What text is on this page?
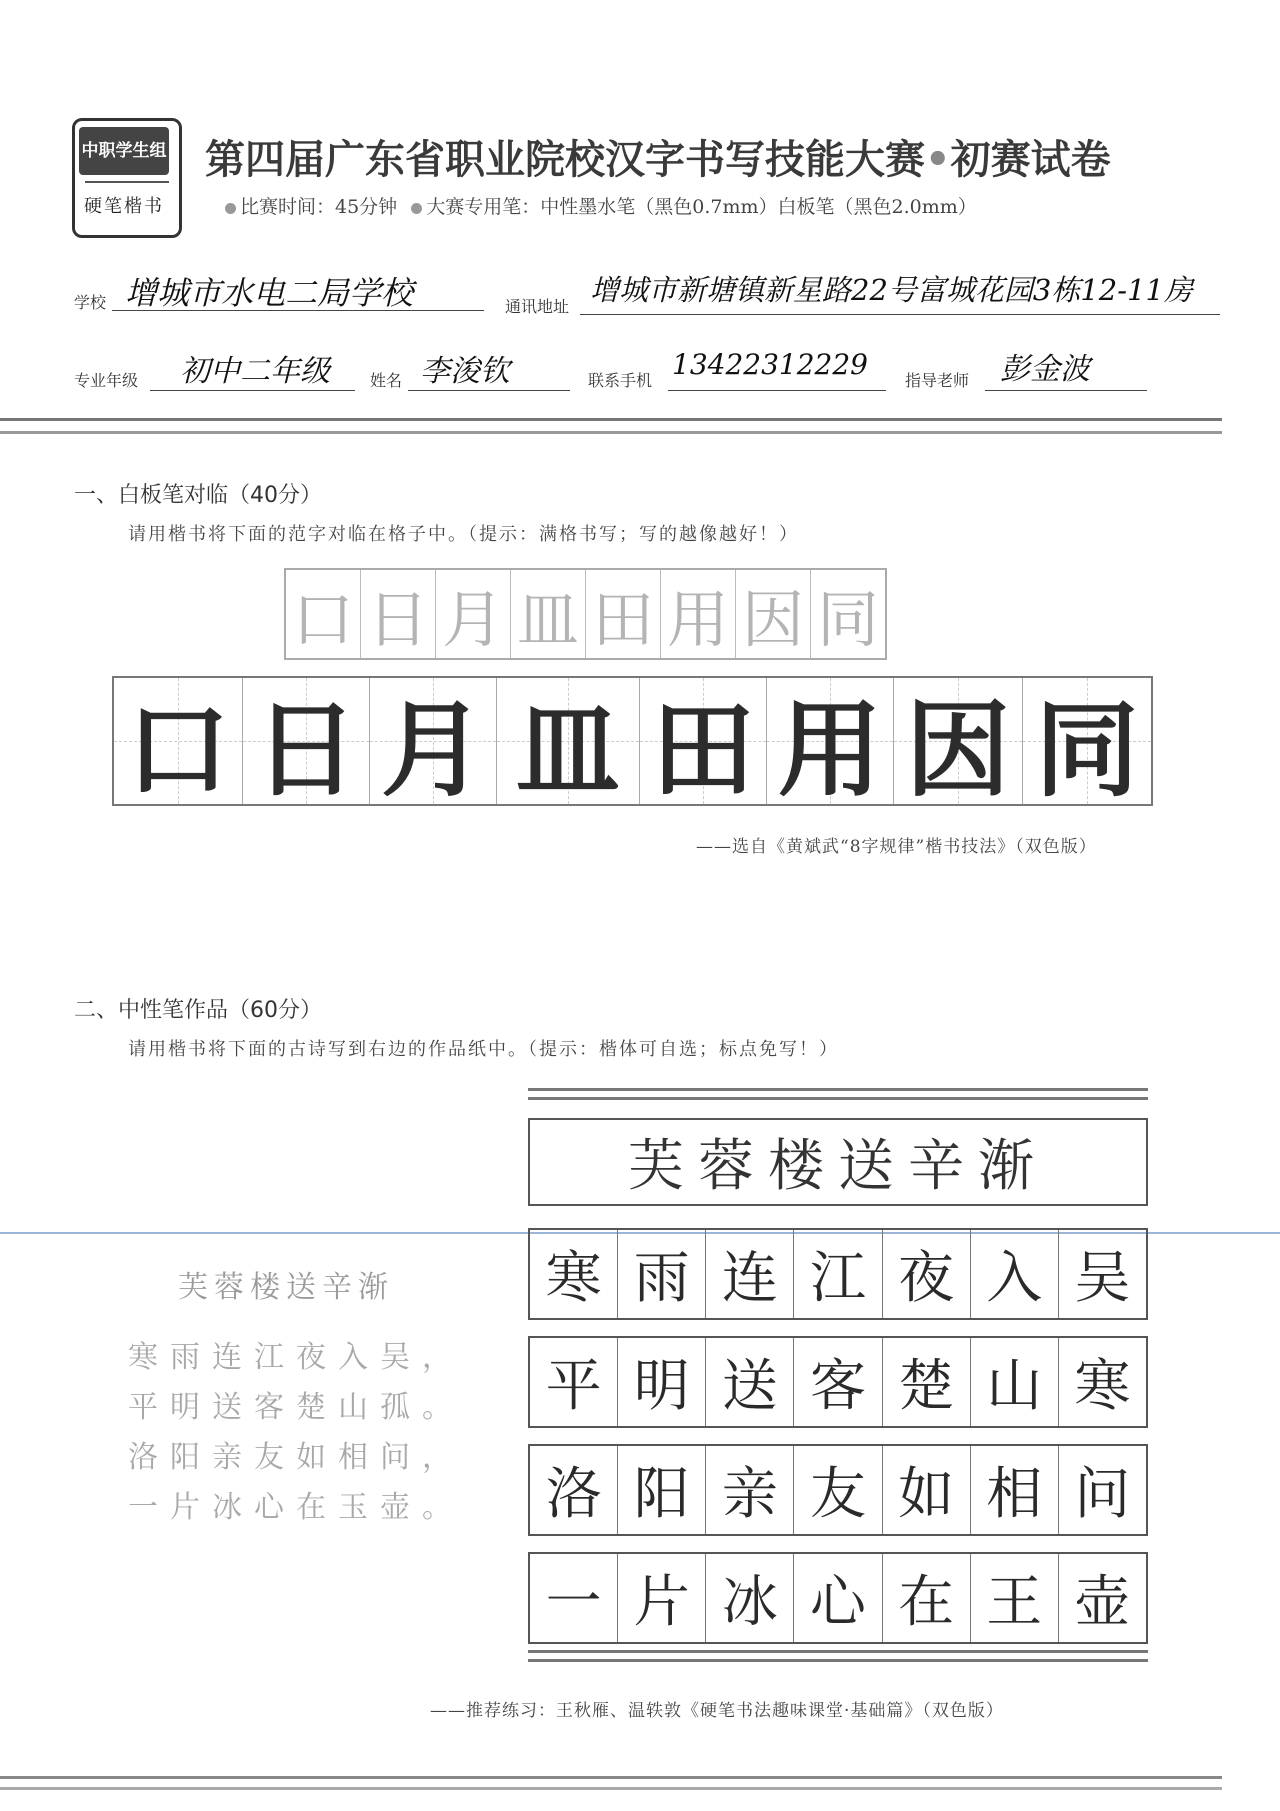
中职学生组
硬笔楷书
第四届广东省职业院校汉字书写技能大赛•初赛试卷
比赛时间：45分钟 大赛专用笔：中性墨水笔（黑色0.7mm）白板笔（黑色2.0mm）
学校 增城市水电二局学校	通讯地址 增城市新塘镇新星路22号富城花园3栋12-11房
专业年级 初中二年级	姓名 李浚钦	联系手机 13422312229 指导老师 彭金波
一、白板笔对临（40分）
请用楷书将下面的范字对临在格子中。（提示：满格书写；写的越像越好！）
口 日 月 皿 田 用 因 同
口 日 月 皿 田 用 因 同
——选自《黄斌武“8字规律”楷书技法》（双色版）
二、中性笔作品（60分）
请用楷书将下面的古诗写到右边的作品纸中。（提示：楷体可自选；标点免写！）
芙蓉楼送辛渐
寒 雨 连 江 夜 入 吴
平 明 送 客 楚 山 寒
洛 阳 亲 友 如 相 问
一 片 冰 心 在 王 壶
芙蓉楼送辛渐
寒雨连江夜入吴，
平明送客楚山孤。
洛阳亲友如相问，
一片冰心在玉壶。
——推荐练习：王秋雁、温轶敦《硬笔书法趣味课堂·基础篇》（双色版）
